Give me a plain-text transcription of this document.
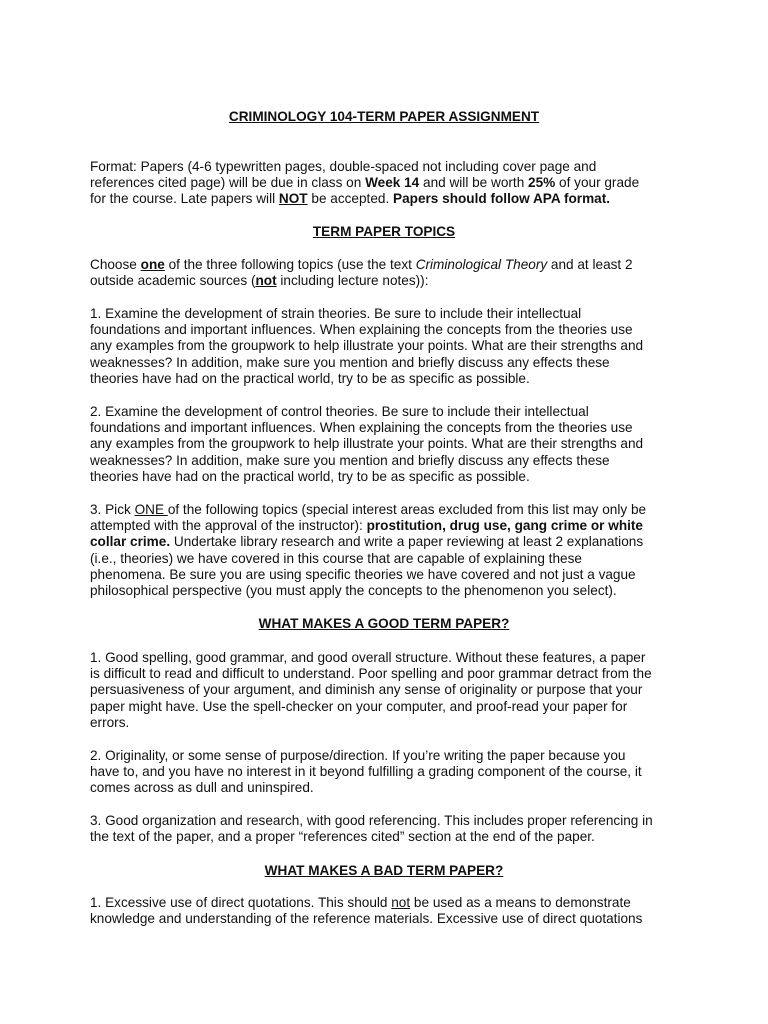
CRIMINOLOGY 104-TERM PAPER ASSIGNMENT

Format: Papers (4-6 typewritten pages, double-spaced not including cover page and
references cited page) will be due in class on Week 14 and will be worth 25% of your grade
for the course. Late papers will NOT be accepted. Papers should follow APA format.

TERM PAPER TOPICS

Choose one of the three following topics (use the text Criminological Theory and at least 2
outside academic sources (not including lecture notes)):

1. Examine the development of strain theories. Be sure to include their intellectual
foundations and important influences. When explaining the concepts from the theories use
any examples from the groupwork to help illustrate your points. What are their strengths and
weaknesses? In addition, make sure you mention and briefly discuss any effects these
theories have had on the practical world, try to be as specific as possible.

2. Examine the development of control theories. Be sure to include their intellectual
foundations and important influences. When explaining the concepts from the theories use
any examples from the groupwork to help illustrate your points. What are their strengths and
weaknesses? In addition, make sure you mention and briefly discuss any effects these
theories have had on the practical world, try to be as specific as possible.

3. Pick ONE of the following topics (special interest areas excluded from this list may only be
attempted with the approval of the instructor): prostitution, drug use, gang crime or white
collar crime. Undertake library research and write a paper reviewing at least 2 explanations
(i.e., theories) we have covered in this course that are capable of explaining these
phenomena. Be sure you are using specific theories we have covered and not just a vague
philosophical perspective (you must apply the concepts to the phenomenon you select).

WHAT MAKES A GOOD TERM PAPER?

1. Good spelling, good grammar, and good overall structure. Without these features, a paper
is difficult to read and difficult to understand. Poor spelling and poor grammar detract from the
persuasiveness of your argument, and diminish any sense of originality or purpose that your
paper might have. Use the spell-checker on your computer, and proof-read your paper for
errors.

2. Originality, or some sense of purpose/direction. If you’re writing the paper because you
have to, and you have no interest in it beyond fulfilling a grading component of the course, it
comes across as dull and uninspired.

3. Good organization and research, with good referencing. This includes proper referencing in
the text of the paper, and a proper “references cited” section at the end of the paper.

WHAT MAKES A BAD TERM PAPER?

1. Excessive use of direct quotations. This should not be used as a means to demonstrate
knowledge and understanding of the reference materials. Excessive use of direct quotations
